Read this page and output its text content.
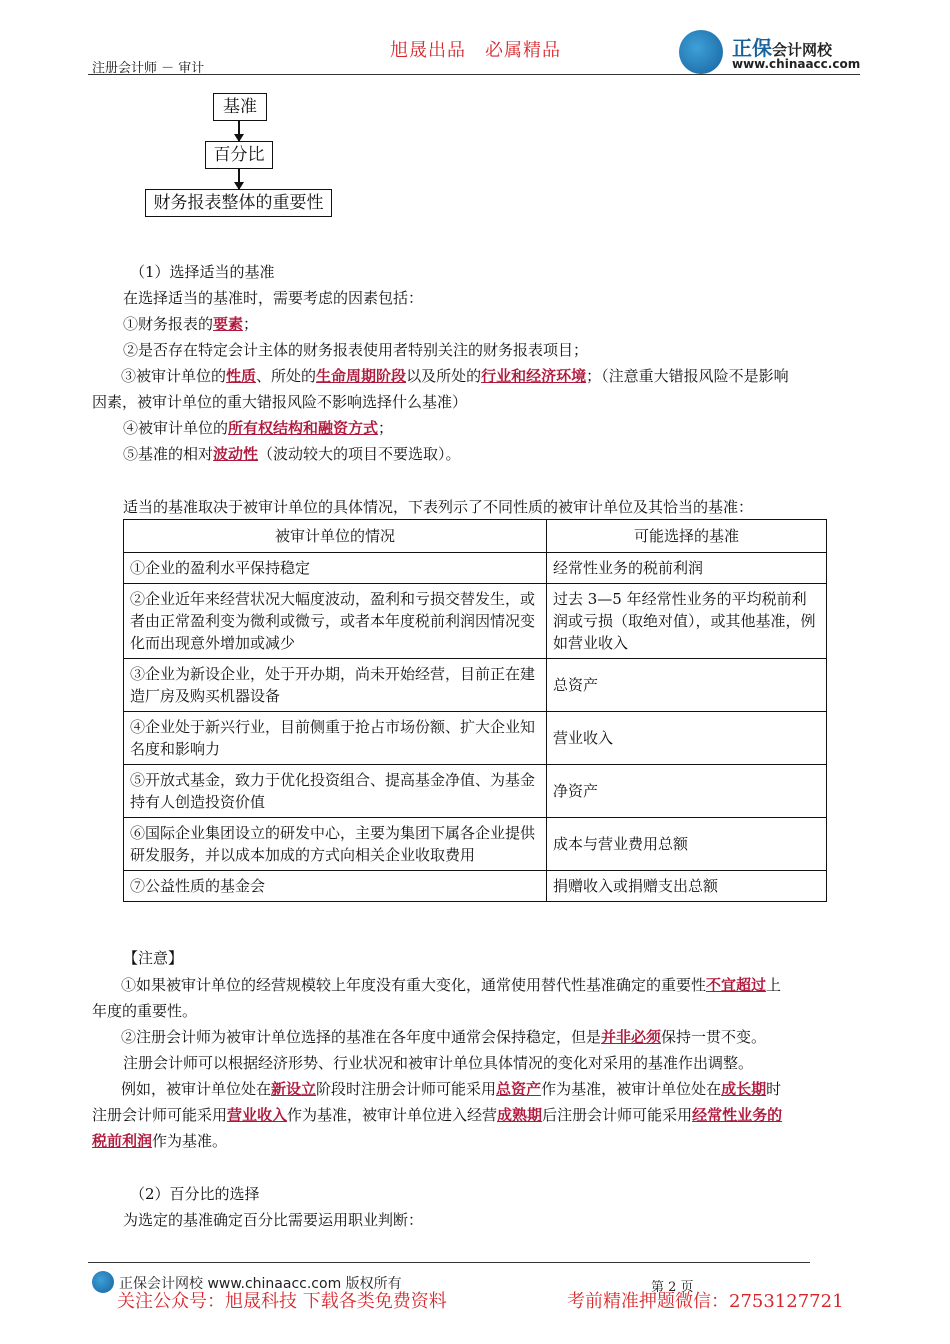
旭晟出品　必属精品	正保会计网校
www.chinaacc.com
注册会计师 － 审计
基准
百分比
财务报表整体的重要性

（1）选择适当的基准

在选择适当的基准时，需要考虑的因素包括：

①财务报表的要素；

②是否存在特定会计主体的财务报表使用者特别关注的财务报表项目；

③被审计单位的性质、所处的生命周期阶段以及所处的行业和经济环境；（注意重大错报风险不是影响

因素，被审计单位的重大错报风险不影响选择什么基准）

④被审计单位的所有权结构和融资方式；

⑤基准的相对波动性（波动较大的项目不要选取）。

适当的基准取决于被审计单位的具体情况，下表列示了不同性质的被审计单位及其恰当的基准：

被审计单位的情况	可能选择的基准
①企业的盈利水平保持稳定	经常性业务的税前利润
②企业近年来经营状况大幅度波动，盈利和亏损交替发生，或者由正常盈利变为微利或微亏，或者本年度税前利润因情况变化而出现意外增加或减少	过去 3—5 年经常性业务的平均税前利润或亏损（取绝对值），或其他基准，例如营业收入
③企业为新设企业，处于开办期，尚未开始经营，目前正在建造厂房及购买机器设备	总资产
④企业处于新兴行业，目前侧重于抢占市场份额、扩大企业知名度和影响力	营业收入
⑤开放式基金，致力于优化投资组合、提高基金净值、为基金持有人创造投资价值	净资产
⑥国际企业集团设立的研发中心，主要为集团下属各企业提供研发服务，并以成本加成的方式向相关企业收取费用	成本与营业费用总额
⑦公益性质的基金会	捐赠收入或捐赠支出总额

【注意】

①如果被审计单位的经营规模较上年度没有重大变化，通常使用替代性基准确定的重要性不宜超过上

年度的重要性。

②注册会计师为被审计单位选择的基准在各年度中通常会保持稳定，但是并非必须保持一贯不变。

注册会计师可以根据经济形势、行业状况和被审计单位具体情况的变化对采用的基准作出调整。

例如，被审计单位处在新设立阶段时注册会计师可能采用总资产作为基准，被审计单位处在成长期时

注册会计师可能采用营业收入作为基准，被审计单位进入经营成熟期后注册会计师可能采用经常性业务的

税前利润作为基准。

（2）百分比的选择

为选定的基准确定百分比需要运用职业判断：

正保会计网校 www.chinaacc.com 版权所有	第 2 页
关注公众号：旭晟科技 下载各类免费资料	考前精准押题微信：2753127721
